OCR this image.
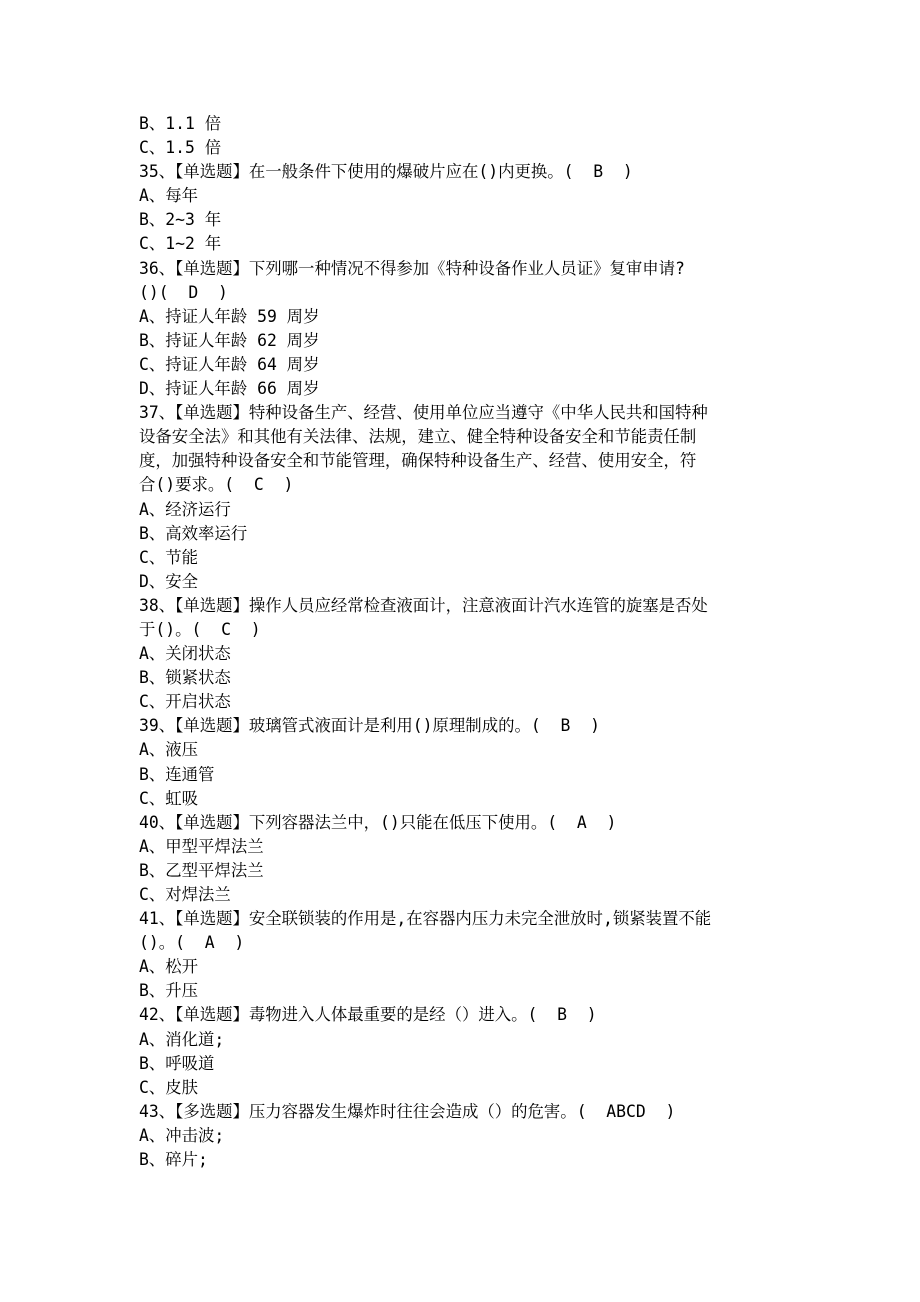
B、1.1 倍
C、1.5 倍
35、【单选题】在一般条件下使用的爆破片应在()内更换。(  B  )
A、每年
B、2~3 年
C、1~2 年
36、【单选题】下列哪一种情况不得参加《特种设备作业人员证》复审申请?
()(  D  )
A、持证人年龄 59 周岁
B、持证人年龄 62 周岁
C、持证人年龄 64 周岁
D、持证人年龄 66 周岁
37、【单选题】特种设备生产、经营、使用单位应当遵守《中华人民共和国特种
设备安全法》和其他有关法律、法规，建立、健全特种设备安全和节能责任制
度，加强特种设备安全和节能管理，确保特种设备生产、经营、使用安全，符
合()要求。(  C  )
A、经济运行
B、高效率运行
C、节能
D、安全
38、【单选题】操作人员应经常检查液面计，注意液面计汽水连管的旋塞是否处
于()。(  C  )
A、关闭状态
B、锁紧状态
C、开启状态
39、【单选题】玻璃管式液面计是利用()原理制成的。(  B  )
A、液压
B、连通管
C、虹吸
40、【单选题】下列容器法兰中，()只能在低压下使用。(  A  )
A、甲型平焊法兰
B、乙型平焊法兰
C、对焊法兰
41、【单选题】安全联锁装的作用是,在容器内压力未完全泄放时,锁紧装置不能
()。(  A  )
A、松开
B、升压
42、【单选题】毒物进入人体最重要的是经（）进入。(  B  )
A、消化道;
B、呼吸道
C、皮肤
43、【多选题】压力容器发生爆炸时往往会造成（）的危害。(  ABCD  )
A、冲击波;
B、碎片;
